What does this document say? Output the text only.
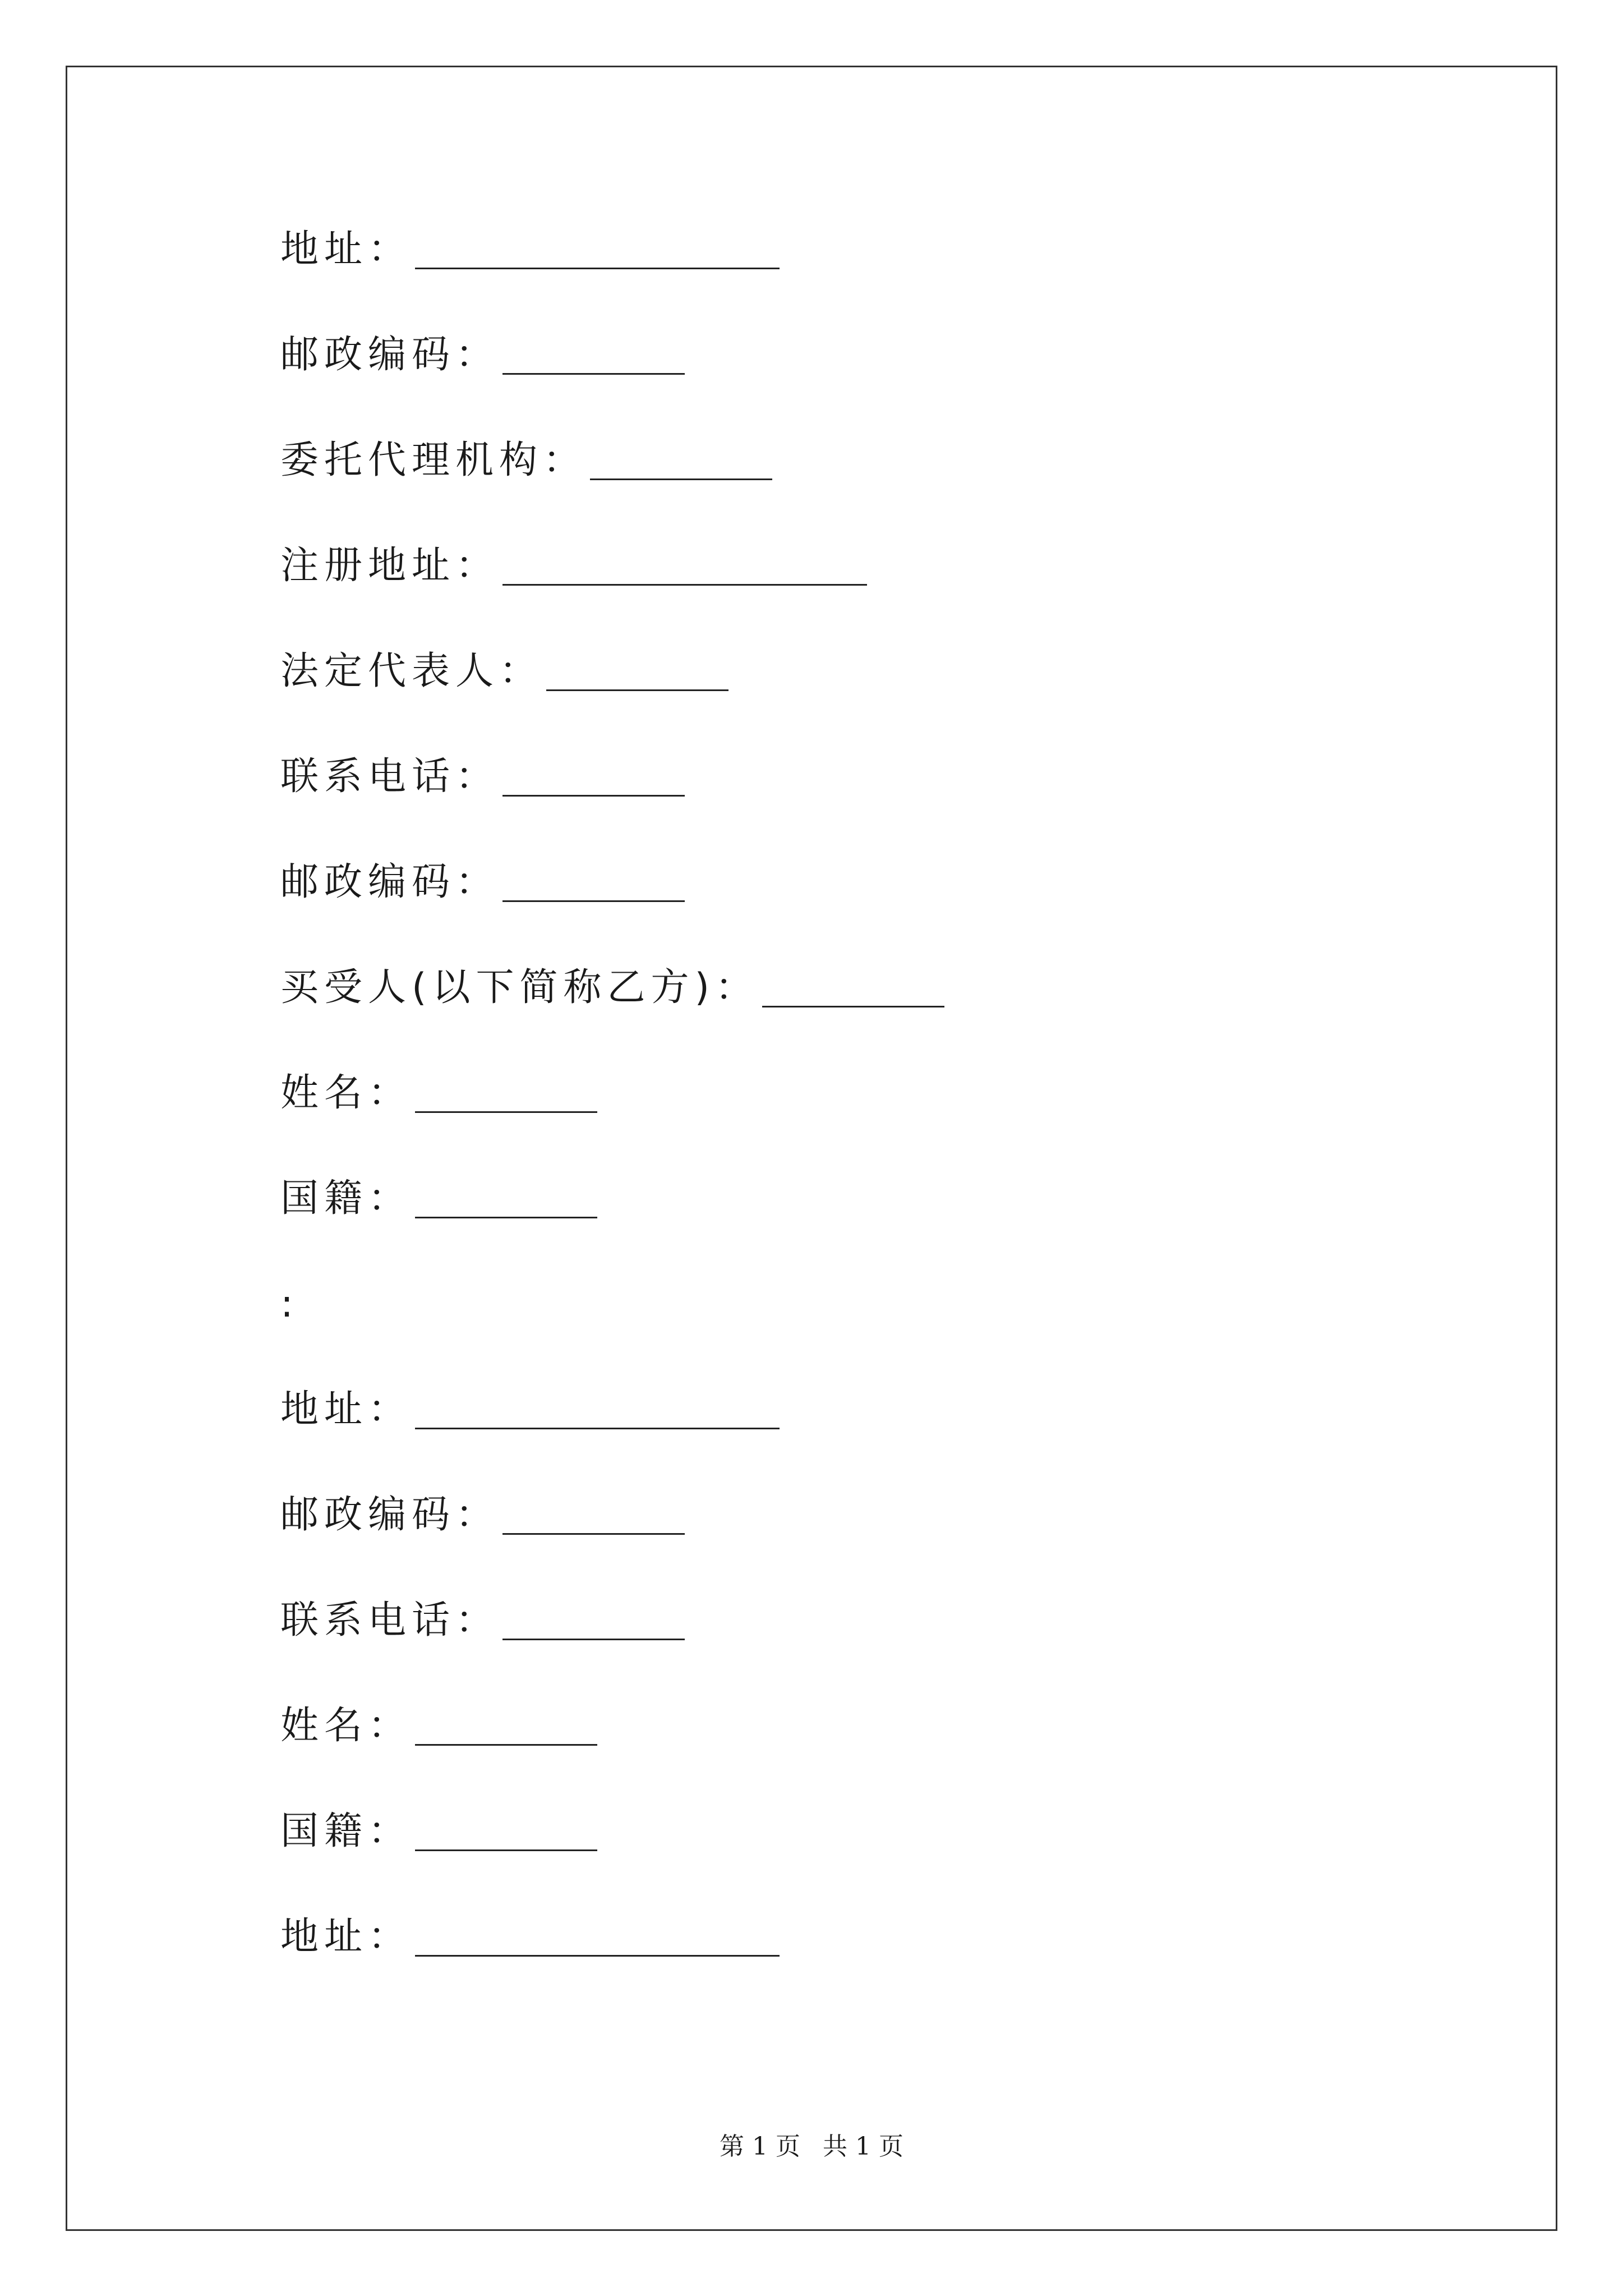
地址：
邮政编码：
委托代理机构：
注册地址：
法定代表人：
联系电话：
邮政编码：
买受人(以下简称乙方)：
姓名：
国籍：
:
地址：
邮政编码：
联系电话：
姓名：
国籍：
地址：
第 1 页 共 1 页
